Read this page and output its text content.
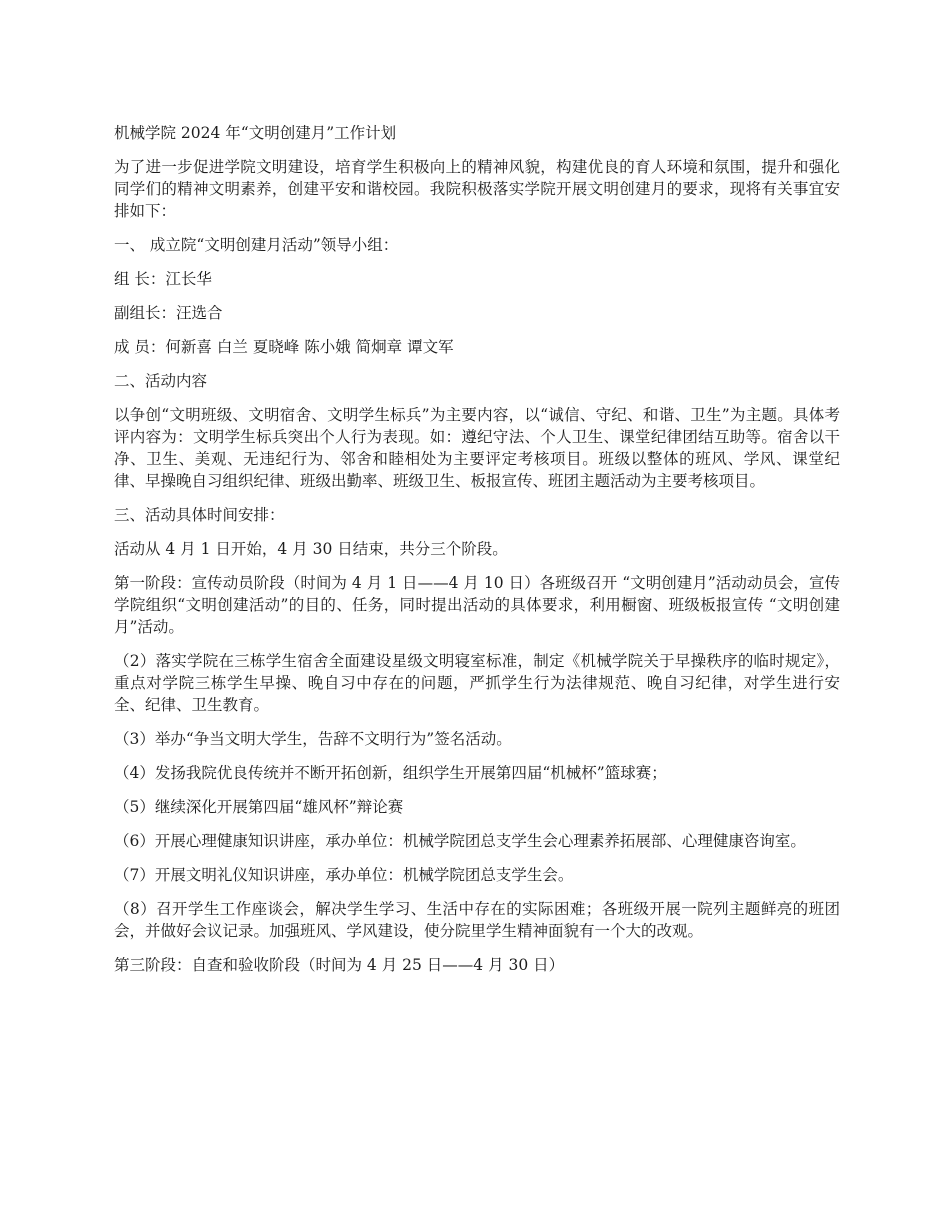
机械学院 2024 年“文明创建月”工作计划

为了进一步促进学院文明建设，培育学生积极向上的精神风貌，构建优良的育人环境和氛围，提升和强化同学们的精神文明素养，创建平安和谐校园。我院积极落实学院开展文明创建月的要求，现将有关事宜安排如下：

一、 成立院“文明创建月活动”领导小组：

组 长：江长华

副组长：汪选合

成 员：何新喜 白兰 夏晓峰 陈小娥 简炯章 谭文军

二、活动内容

以争创“文明班级、文明宿舍、文明学生标兵”为主要内容，以“诚信、守纪、和谐、卫生”为主题。具体考评内容为：文明学生标兵突出个人行为表现。如：遵纪守法、个人卫生、课堂纪律团结互助等。宿舍以干净、卫生、美观、无违纪行为、邻舍和睦相处为主要评定考核项目。班级以整体的班风、学风、课堂纪律、早操晚自习组织纪律、班级出勤率、班级卫生、板报宣传、班团主题活动为主要考核项目。

三、活动具体时间安排：

活动从 4 月 1 日开始，4 月 30 日结束，共分三个阶段。

第一阶段：宣传动员阶段（时间为 4 月 1 日——4 月 10 日）各班级召开 “文明创建月”活动动员会，宣传学院组织“文明创建活动”的目的、任务，同时提出活动的具体要求，利用橱窗、班级板报宣传 “文明创建月”活动。

（2）落实学院在三栋学生宿舍全面建设星级文明寝室标准，制定《机械学院关于早操秩序的临时规定》，重点对学院三栋学生早操、晚自习中存在的问题，严抓学生行为法律规范、晚自习纪律，对学生进行安全、纪律、卫生教育。

（3）举办“争当文明大学生，告辞不文明行为”签名活动。

（4）发扬我院优良传统并不断开拓创新，组织学生开展第四届“机械杯”篮球赛；

（5）继续深化开展第四届“雄风杯”辩论赛

（6）开展心理健康知识讲座，承办单位：机械学院团总支学生会心理素养拓展部、心理健康咨询室。

（7）开展文明礼仪知识讲座，承办单位：机械学院团总支学生会。

（8）召开学生工作座谈会，解决学生学习、生活中存在的实际困难；各班级开展一院列主题鲜亮的班团会，并做好会议记录。加强班风、学风建设，使分院里学生精神面貌有一个大的改观。

第三阶段：自查和验收阶段（时间为 4 月 25 日——4 月 30 日）
